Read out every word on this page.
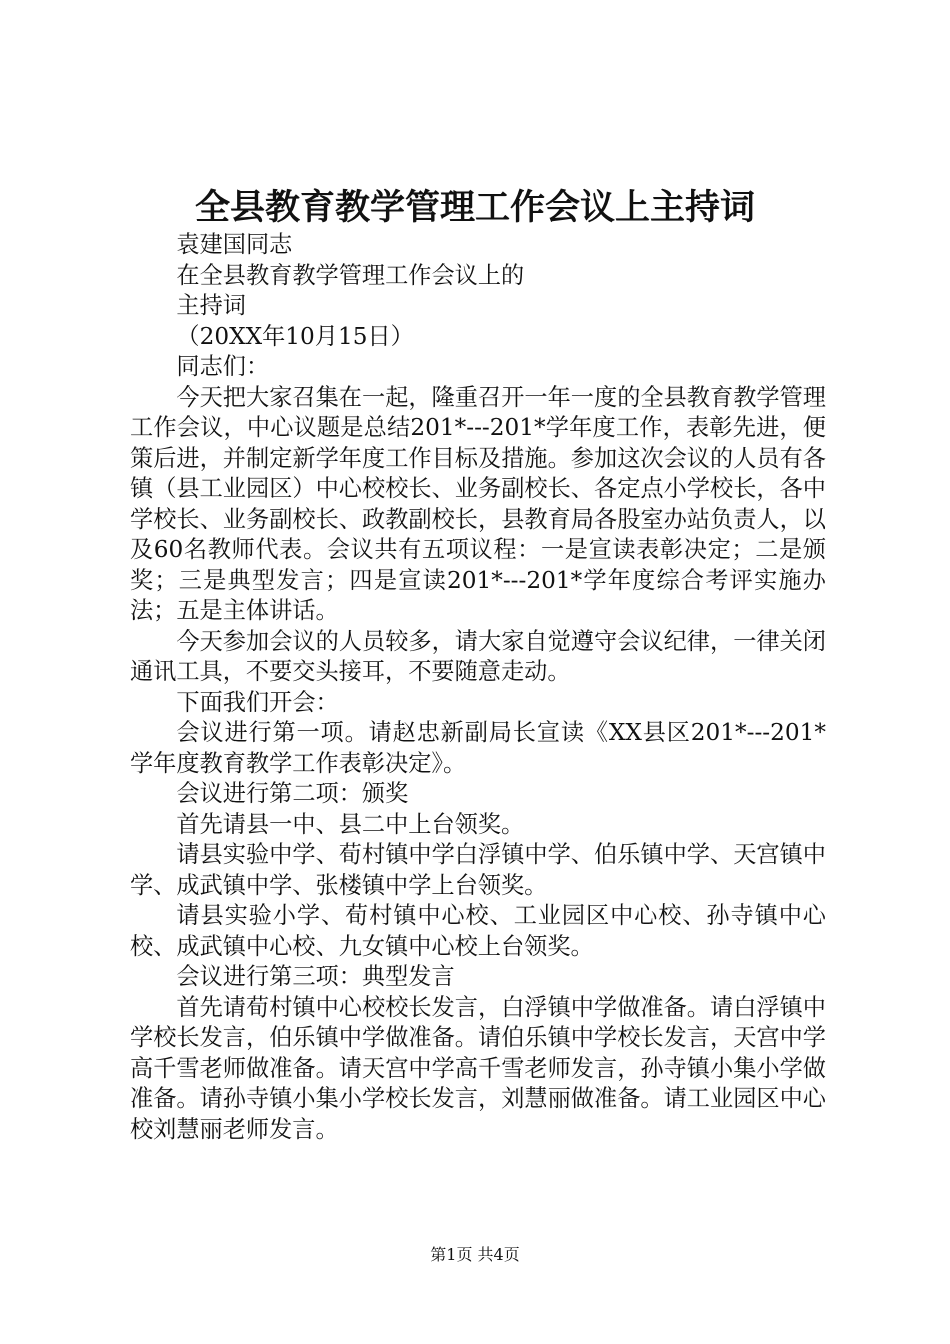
全县教育教学管理工作会议上主持词

袁建国同志

在全县教育教学管理工作会议上的

主持词

（20XX年10月15日）

同志们：

今天把大家召集在一起，隆重召开一年一度的全县教育教学管理工作会议，中心议题是总结201*---201*学年度工作，表彰先进，便策后进，并制定新学年度工作目标及措施。参加这次会议的人员有各镇（县工业园区）中心校校长、业务副校长、各定点小学校长，各中学校长、业务副校长、政教副校长，县教育局各股室办站负责人，以及60名教师代表。会议共有五项议程：一是宣读表彰决定；二是颁奖；三是典型发言；四是宣读201*---201*学年度综合考评实施办法；五是主体讲话。

今天参加会议的人员较多，请大家自觉遵守会议纪律，一律关闭通讯工具，不要交头接耳，不要随意走动。

下面我们开会：

会议进行第一项。请赵忠新副局长宣读《XX县区201*---201*学年度教育教学工作表彰决定》。

会议进行第二项：颁奖

首先请县一中、县二中上台领奖。

请县实验中学、荀村镇中学白浮镇中学、伯乐镇中学、天宫镇中学、成武镇中学、张楼镇中学上台领奖。

请县实验小学、荀村镇中心校、工业园区中心校、孙寺镇中心校、成武镇中心校、九女镇中心校上台领奖。

会议进行第三项：典型发言

首先请荀村镇中心校校长发言，白浮镇中学做准备。请白浮镇中学校长发言，伯乐镇中学做准备。请伯乐镇中学校长发言，天宫中学高千雪老师做准备。请天宫中学高千雪老师发言，孙寺镇小集小学做准备。请孙寺镇小集小学校长发言，刘慧丽做准备。请工业园区中心校刘慧丽老师发言。

第1页 共4页
